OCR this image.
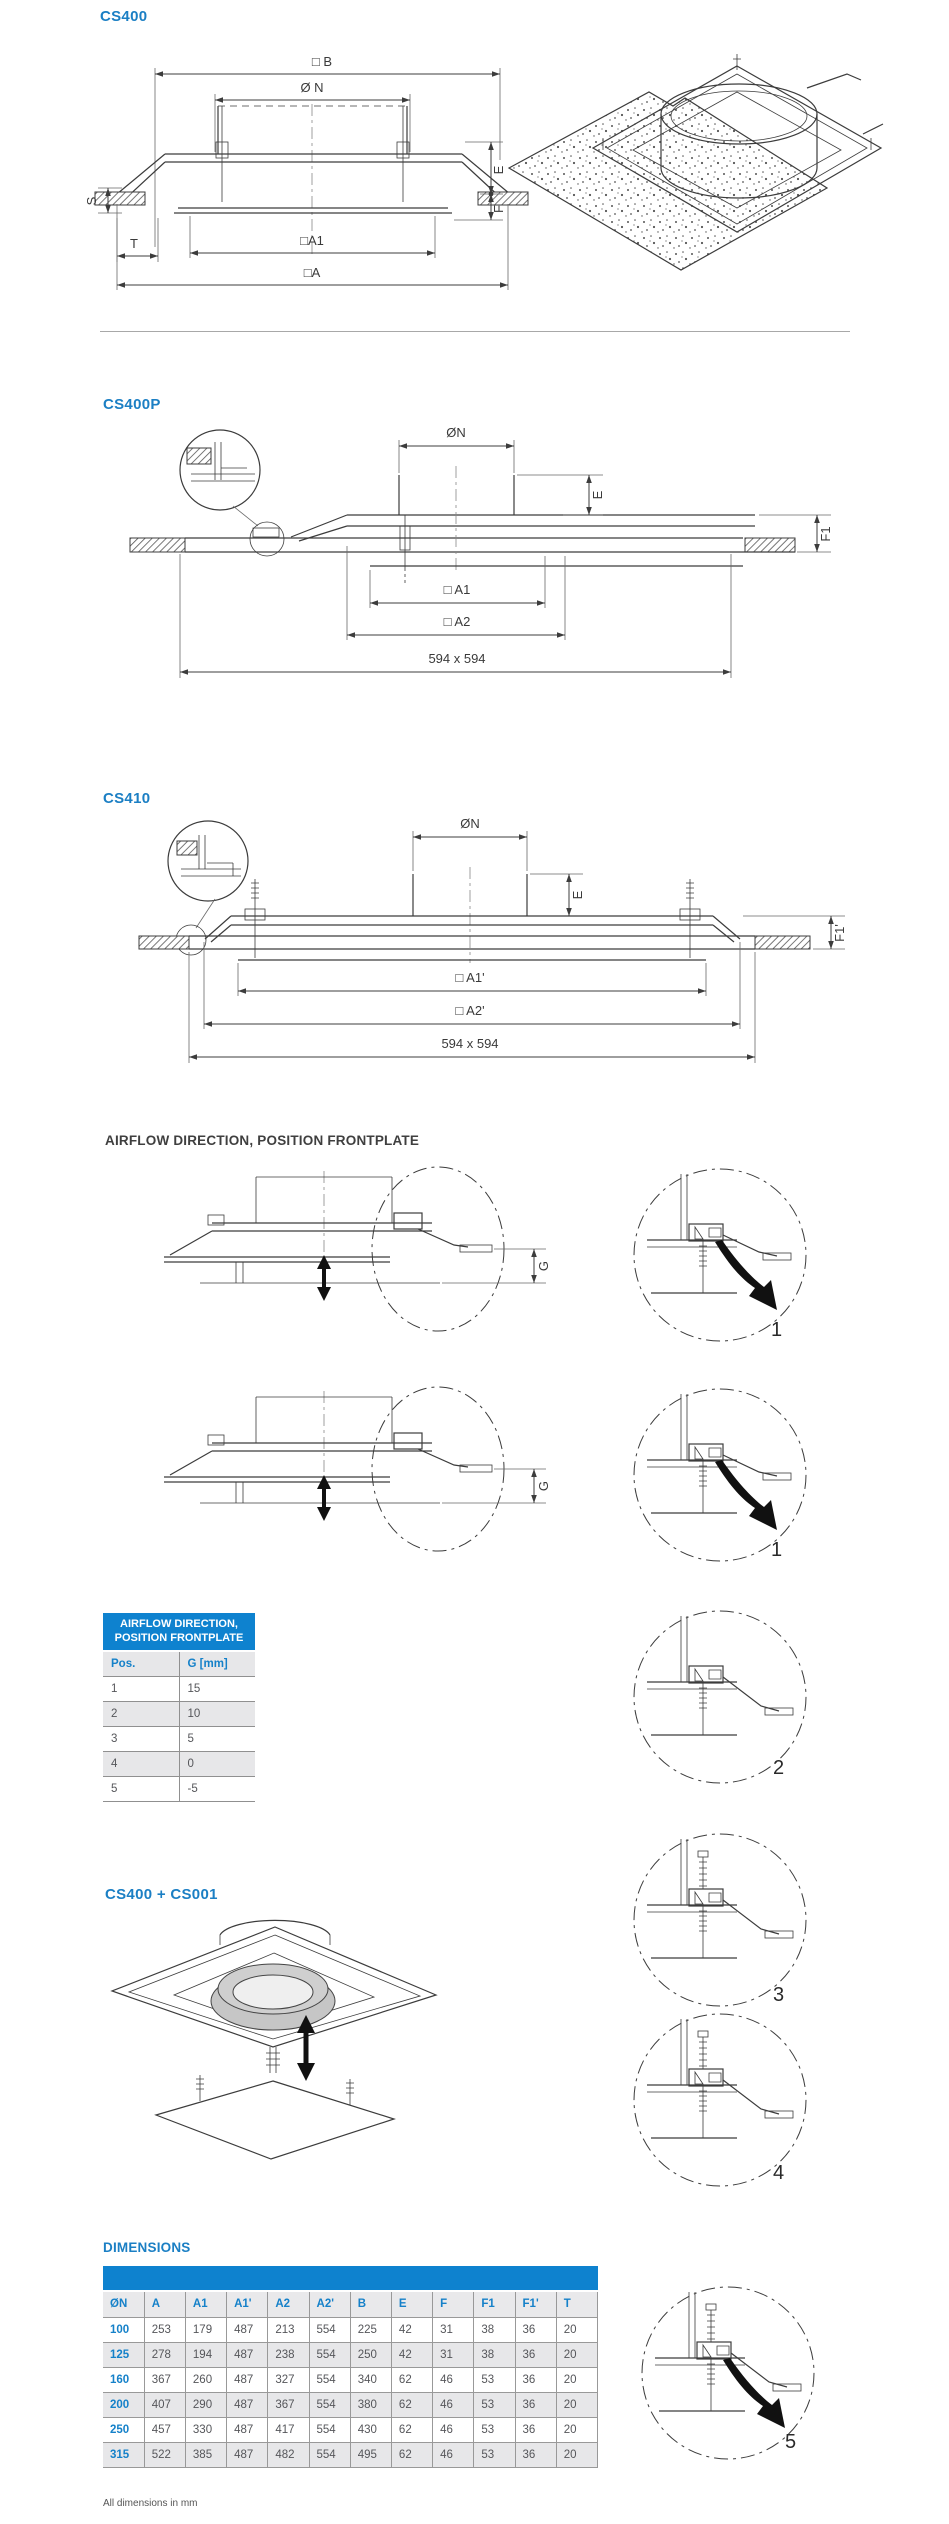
CS400
□ B
Ø N
S
T	□A1
□A
E
F
CS400P
ØN
E
F1
□ A1
□ A2
594 x 594
CS410
ØN
E
F1'
□ A1'
□ A2'
594 x 594
AIRFLOW DIRECTION, POSITION FRONTPLATE
G
1
G
1
AIRFLOW DIRECTION,
POSITION FRONTPLATE
Pos.	G [mm]
1	15
2	10
3	5
4	0
5	-5
2
CS400 + CS001
3
4
DIMENSIONS
ØN	A	A1	A1'	A2	A2'	B	E	F	F1	F1'	T
100	253	179	487	213	554	225	42	31	38	36	20
125	278	194	487	238	554	250	42	31	38	36	20
160	367	260	487	327	554	340	62	46	53	36	20
200	407	290	487	367	554	380	62	46	53	36	20
250	457	330	487	417	554	430	62	46	53	36	20
315	522	385	487	482	554	495	62	46	53	36	20
5
All dimensions in mm
